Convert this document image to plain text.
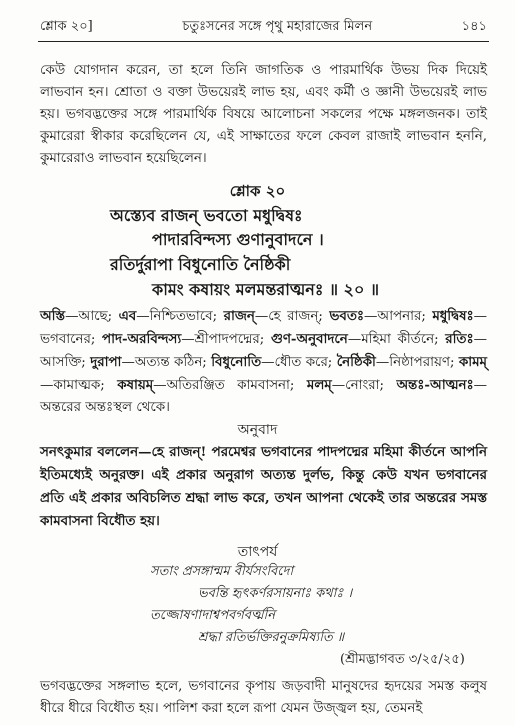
শ্লোক ২০]	চতুঃসনের সঙ্গে পৃথু মহারাজের মিলন	১৪১
কেউ যোগদান করেন, তা হলে তিনি জাগতিক ও পারমার্থিক উভয় দিক দিয়েই লাভবান হন। শ্রোতা ও বক্তা উভয়েরই লাভ হয়, এবং কর্মী ও জ্ঞানী উভয়েরই লাভ হয়। ভগবদ্ভক্তের সঙ্গে পারমার্থিক বিষয়ে আলোচনা সকলের পক্ষে মঙ্গলজনক। তাই কুমারেরা স্বীকার করেছিলেন যে, এই সাক্ষাতের ফলে কেবল রাজাই লাভবান হননি, কুমারেরাও লাভবান হয়েছিলেন।
শ্লোক ২০
অস্ত্যেব রাজন্ ভবতো মধুদ্বিষঃ
পাদারবিন্দস্য গুণানুবাদনে ।
রতির্দুরাপা বিধুনোতি নৈষ্ঠিকী
কামং কষায়ং মলমন্তরাত্মনঃ ॥ ২০ ॥
অস্তি—আছে; এব—নিশ্চিতভাবে; রাজন্—হে রাজন্; ভবতঃ—আপনার; মধুদ্বিষঃ—ভগবানের; পাদ-অরবিন্দস্য—শ্রীপাদপদ্মের; গুণ-অনুবাদনে—মহিমা কীর্তনে; রতিঃ—আসক্তি; দুরাপা—অত্যন্ত কঠিন; বিধুনোতি—ধৌত করে; নৈষ্ঠিকী—নিষ্ঠাপরায়ণ; কামম্—কামাত্মক; কষায়ম্—অতিরঞ্জিত কামবাসনা; মলম্—নোংরা; অন্তঃ-আত্মনঃ—অন্তরের অন্তঃস্থল থেকে।
অনুবাদ
সনৎকুমার বললেন—হে রাজন্! পরমেশ্বর ভগবানের পাদপদ্মের মহিমা কীর্তনে আপনি ইতিমধ্যেই অনুরক্ত। এই প্রকার অনুরাগ অত্যন্ত দুর্লভ, কিন্তু কেউ যখন ভগবানের প্রতি এই প্রকার অবিচলিত শ্রদ্ধা লাভ করে, তখন আপনা থেকেই তার অন্তরের সমস্ত কামবাসনা বিধৌত হয়।
তাৎপর্য
সতাং প্রসঙ্গান্মম বীর্যসংবিদো
ভবন্তি হৃৎকর্ণরসায়নাঃ কথাঃ ।
তজ্জোষণাদাশ্বপবর্গবর্ত্মনি
শ্রদ্ধা রতির্ভক্তিরনুক্রমিষ্যতি ॥
(শ্রীমদ্ভাগবত ৩/২৫/২৫)
ভগবদ্ভক্তের সঙ্গলাভ হলে, ভগবানের কৃপায় জড়বাদী মানুষদের হৃদয়ের সমস্ত কলুষ ধীরে ধীরে বিধৌত হয়। পালিশ করা হলে রূপা যেমন উজ্জ্বল হয়, তেমনই
